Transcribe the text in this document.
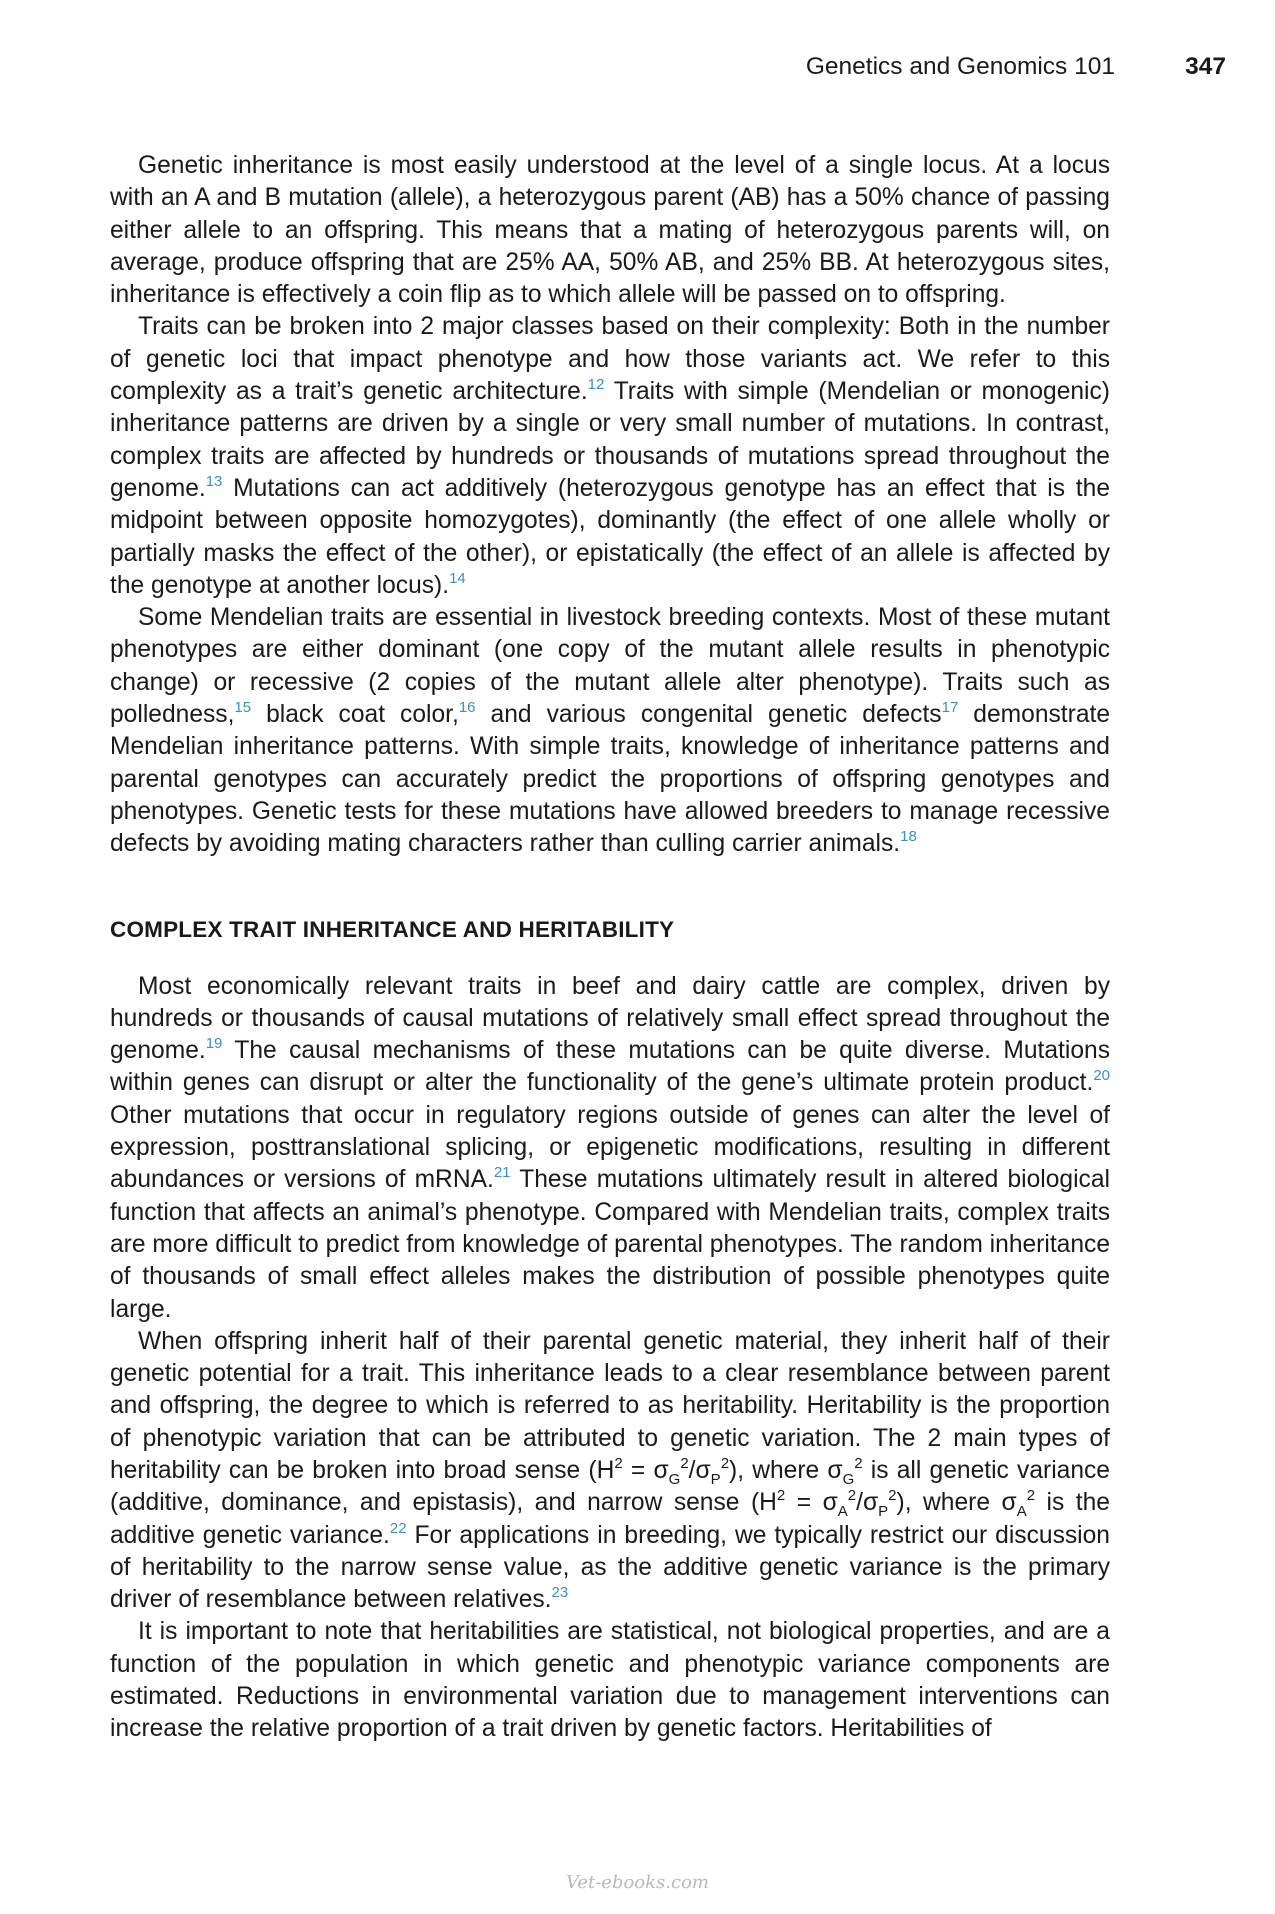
Genetics and Genomics 101	347

Genetic inheritance is most easily understood at the level of a single locus. At a locus with an A and B mutation (allele), a heterozygous parent (AB) has a 50% chance of passing either allele to an offspring. This means that a mating of heterozygous parents will, on average, produce offspring that are 25% AA, 50% AB, and 25% BB. At heterozygous sites, inheritance is effectively a coin flip as to which allele will be passed on to offspring.

Traits can be broken into 2 major classes based on their complexity: Both in the number of genetic loci that impact phenotype and how those variants act. We refer to this complexity as a trait’s genetic architecture.$^{12}$ Traits with simple (Mendelian or monogenic) inheritance patterns are driven by a single or very small number of mutations. In contrast, complex traits are affected by hundreds or thousands of mutations spread throughout the genome.$^{13}$ Mutations can act additively (heterozygous genotype has an effect that is the midpoint between opposite homozygotes), dominantly (the effect of one allele wholly or partially masks the effect of the other), or epistatically (the effect of an allele is affected by the genotype at another locus).$^{14}$

Some Mendelian traits are essential in livestock breeding contexts. Most of these mutant phenotypes are either dominant (one copy of the mutant allele results in phenotypic change) or recessive (2 copies of the mutant allele alter phenotype). Traits such as polledness,$^{15}$ black coat color,$^{16}$ and various congenital genetic defects$^{17}$ demonstrate Mendelian inheritance patterns. With simple traits, knowledge of inheritance patterns and parental genotypes can accurately predict the proportions of offspring genotypes and phenotypes. Genetic tests for these mutations have allowed breeders to manage recessive defects by avoiding mating characters rather than culling carrier animals.$^{18}$

COMPLEX TRAIT INHERITANCE AND HERITABILITY

Most economically relevant traits in beef and dairy cattle are complex, driven by hundreds or thousands of causal mutations of relatively small effect spread throughout the genome.$^{19}$ The causal mechanisms of these mutations can be quite diverse. Mutations within genes can disrupt or alter the functionality of the gene’s ultimate protein product.$^{20}$ Other mutations that occur in regulatory regions outside of genes can alter the level of expression, posttranslational splicing, or epigenetic modifications, resulting in different abundances or versions of mRNA.$^{21}$ These mutations ultimately result in altered biological function that affects an animal’s phenotype. Compared with Mendelian traits, complex traits are more difficult to predict from knowledge of parental phenotypes. The random inheritance of thousands of small effect alleles makes the distribution of possible phenotypes quite large.

When offspring inherit half of their parental genetic material, they inherit half of their genetic potential for a trait. This inheritance leads to a clear resemblance between parent and offspring, the degree to which is referred to as heritability. Heritability is the proportion of phenotypic variation that can be attributed to genetic variation. The 2 main types of heritability can be broken into broad sense $(H^2 = \sigma_G^2/\sigma_P^2)$, where $\sigma_G^2$ is all genetic variance (additive, dominance, and epistasis), and narrow sense $(H^2 = \sigma_A^2/\sigma_P^2)$, where $\sigma_A^2$ is the additive genetic variance.$^{22}$ For applications in breeding, we typically restrict our discussion of heritability to the narrow sense value, as the additive genetic variance is the primary driver of resemblance between relatives.$^{23}$

It is important to note that heritabilities are statistical, not biological properties, and are a function of the population in which genetic and phenotypic variance components are estimated. Reductions in environmental variation due to management interventions can increase the relative proportion of a trait driven by genetic factors. Heritabilities of

Vet-ebooks.com
